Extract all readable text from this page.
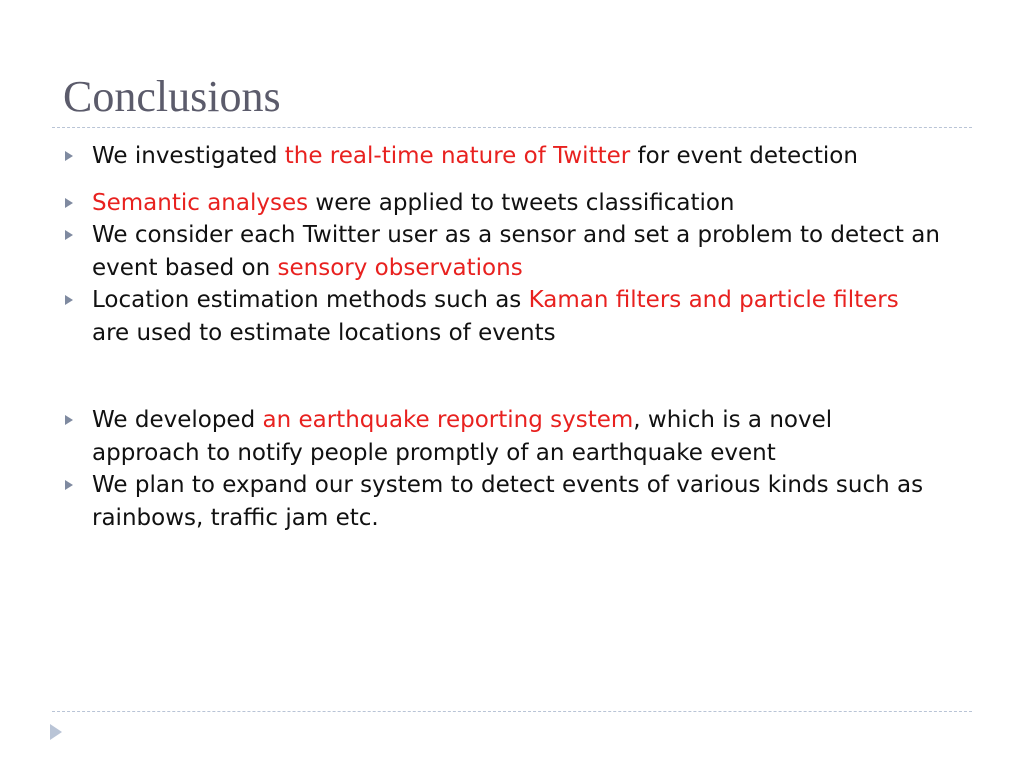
Conclusions
We investigated the real-time nature of Twitter for event detection
Semantic analyses were applied to tweets classification
We consider each Twitter user as a sensor and set a problem to detect an event based on sensory observations
Location estimation methods such as Kaman filters and particle filters are used to estimate locations of events
We developed an earthquake reporting system, which is a novel approach to notify people promptly of an earthquake event
We plan to expand our system to detect events of various kinds such as rainbows, traffic jam etc.
